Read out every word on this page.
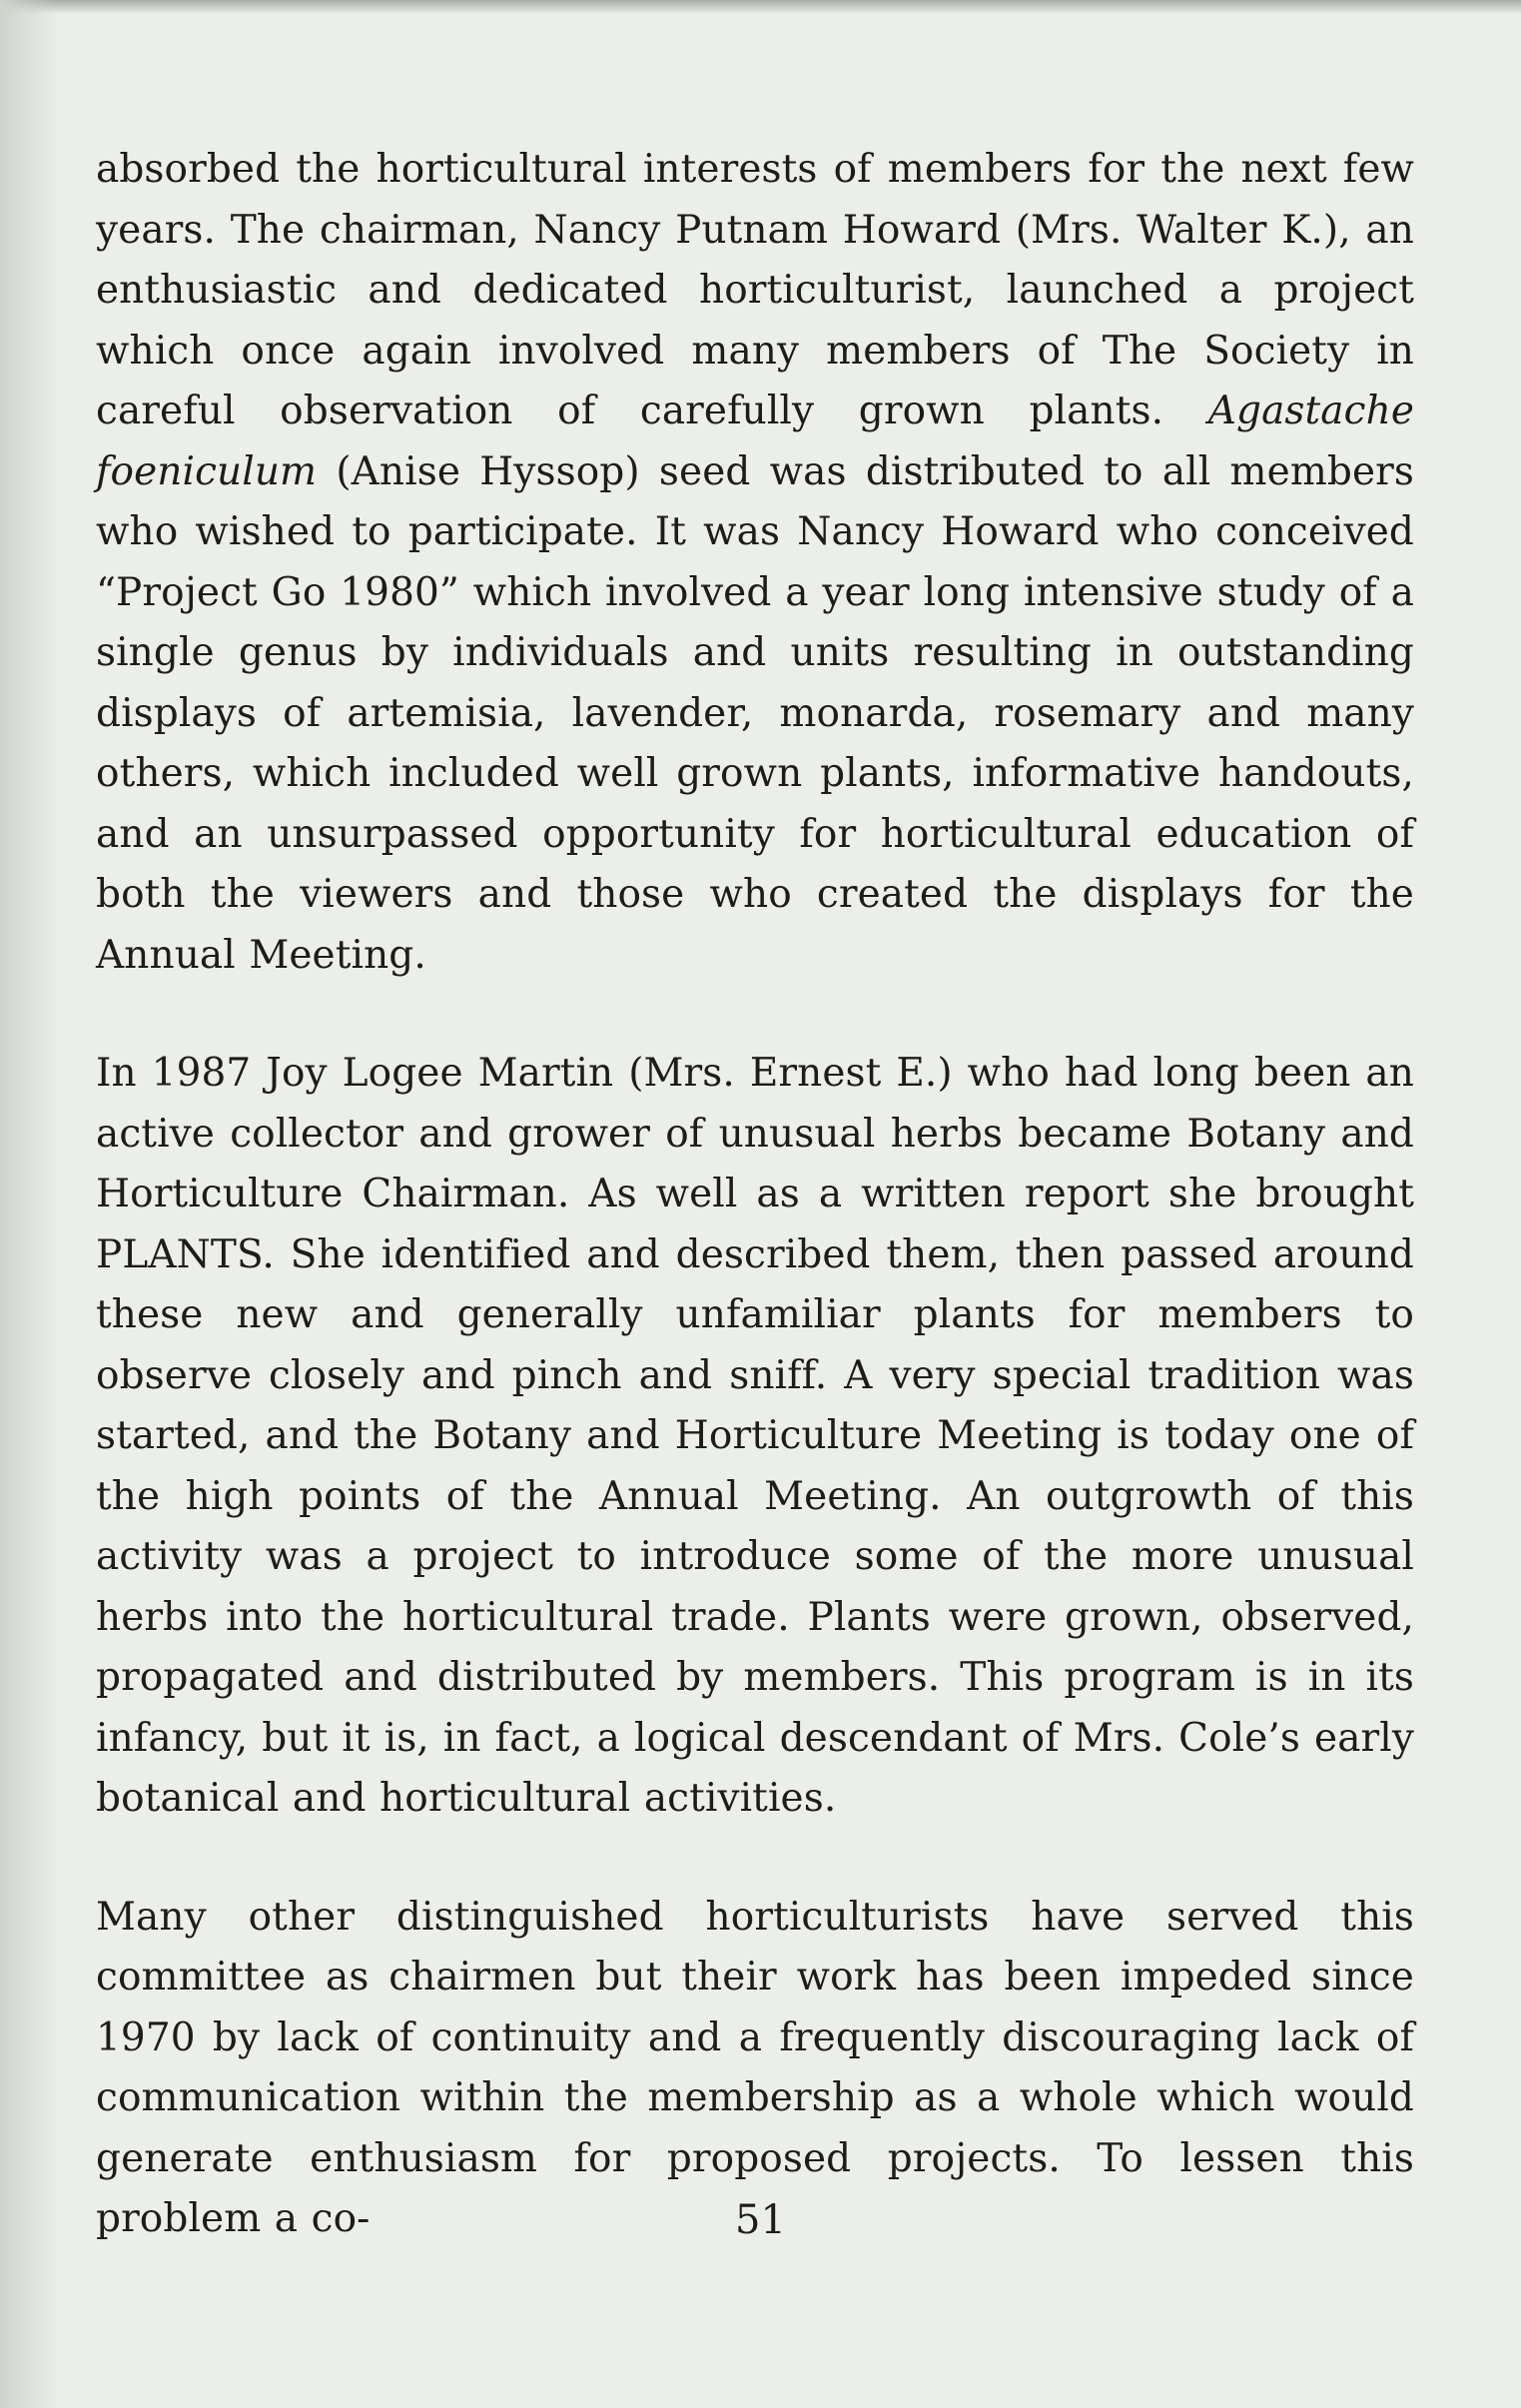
absorbed the horticultural interests of members for the next few years. The chairman, Nancy Putnam Howard (Mrs. Walter K.), an enthusiastic and dedicated horticulturist, launched a project which once again involved many members of The Society in careful observation of carefully grown plants. Agastache foeniculum (Anise Hyssop) seed was distributed to all members who wished to participate. It was Nancy Howard who conceived “Project Go 1980” which involved a year long intensive study of a single genus by individuals and units resulting in outstanding displays of artemisia, lavender, monarda, rosemary and many others, which included well grown plants, informative handouts, and an unsurpassed opportunity for horticultural education of both the viewers and those who created the displays for the Annual Meeting.

In 1987 Joy Logee Martin (Mrs. Ernest E.) who had long been an active collector and grower of unusual herbs became Botany and Horticulture Chairman. As well as a written report she brought PLANTS. She identified and described them, then passed around these new and generally unfamiliar plants for members to observe closely and pinch and sniff. A very special tradition was started, and the Botany and Horticulture Meeting is today one of the high points of the Annual Meeting. An outgrowth of this activity was a project to introduce some of the more unusual herbs into the horticultural trade. Plants were grown, observed, propagated and distributed by members. This program is in its infancy, but it is, in fact, a logical descendant of Mrs. Cole’s early botanical and horticultural activities.

Many other distinguished horticulturists have served this committee as chairmen but their work has been impeded since 1970 by lack of continuity and a frequently discouraging lack of communication within the membership as a whole which would generate enthusiasm for proposed projects. To lessen this problem a co-	51
